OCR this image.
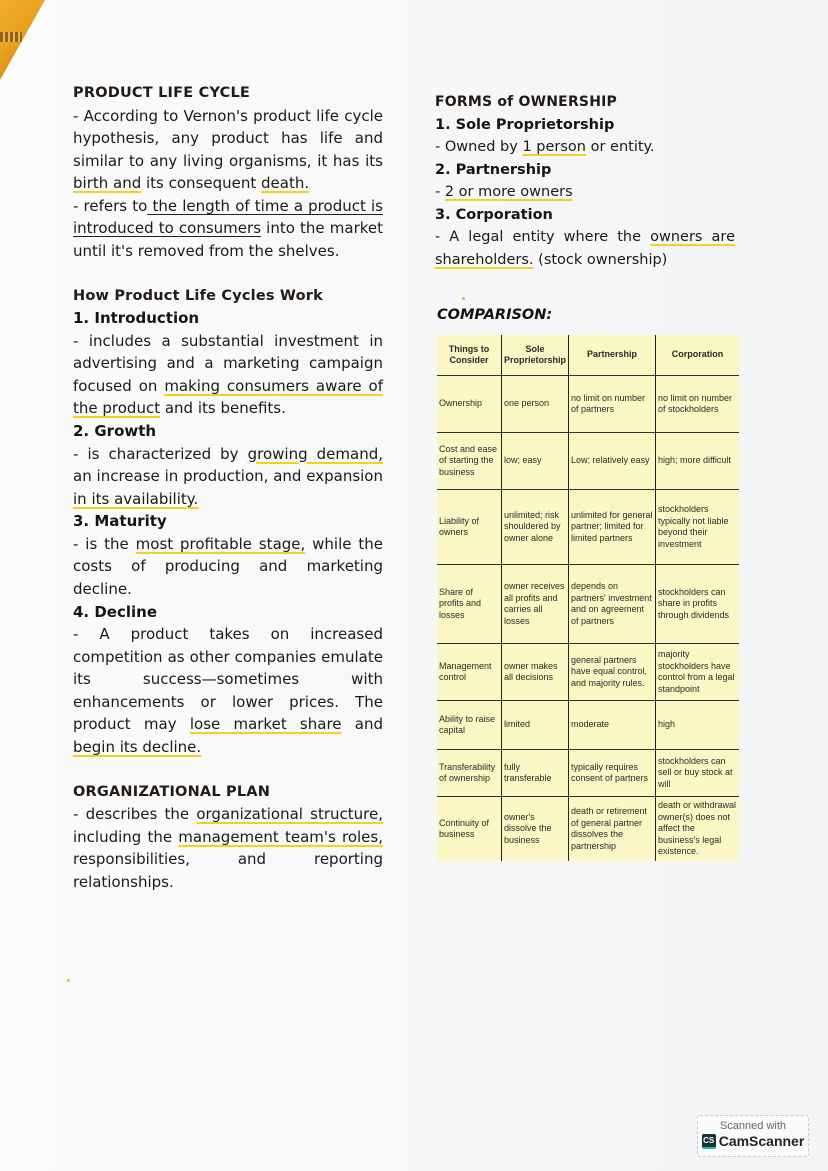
PRODUCT LIFE CYCLE

- According to Vernon's product life cycle hypothesis, any product has life and similar to any living organisms, it has its birth and its consequent death.

- refers to the length of time a product is introduced to consumers into the market until it's removed from the shelves.

How Product Life Cycles Work
1. Introduction

- includes a substantial investment in advertising and a marketing campaign focused on making consumers aware of the product and its benefits.

2. Growth

- is characterized by growing demand, an increase in production, and expansion in its availability.

3. Maturity

- is the most profitable stage, while the costs of producing and marketing decline.

4. Decline

- A product takes on increased competition as other companies emulate its success—sometimes with enhancements or lower prices. The product may lose market share and begin its decline.

ORGANIZATIONAL PLAN

- describes the organizational structure, including the management team's roles, responsibilities, and reporting relationships.

FORMS of OWNERSHIP
1. Sole Proprietorship

- Owned by 1 person or entity.

2. Partnership

- 2 or more owners

3. Corporation

- A legal entity where the owners are shareholders. (stock ownership)

COMPARISON:
Things to Consider	Sole Proprietorship	Partnership	Corporation
Ownership	one person	no limit on number of partners	no limit on number of stockholders
Cost and ease of starting the business	low; easy	Low; relatively easy	high; more difficult
Liability of owners	unlimited; risk shouldered by owner alone	unlimited for general partner; limited for limited partners	stockholders typically not liable beyond their investment
Share of profits and losses	owner receives all profits and carries all losses	depends on partners' investment and on agreement of partners	stockholders can share in profits through dividends
Management control	owner makes all decisions	general partners have equal control, and majority rules.	majority stockholders have control from a legal standpoint
Ability to raise capital	limited	moderate	high
Transferability of ownership	fully transferable	typically requires consent of partners	stockholders can sell or buy stock at will
Continuity of business	owner's dissolve the business	death or retirement of general partner dissolves the partnership	death or withdrawal owner(s) does not affect the business's legal existence.
Scanned with
CS CamScanner
